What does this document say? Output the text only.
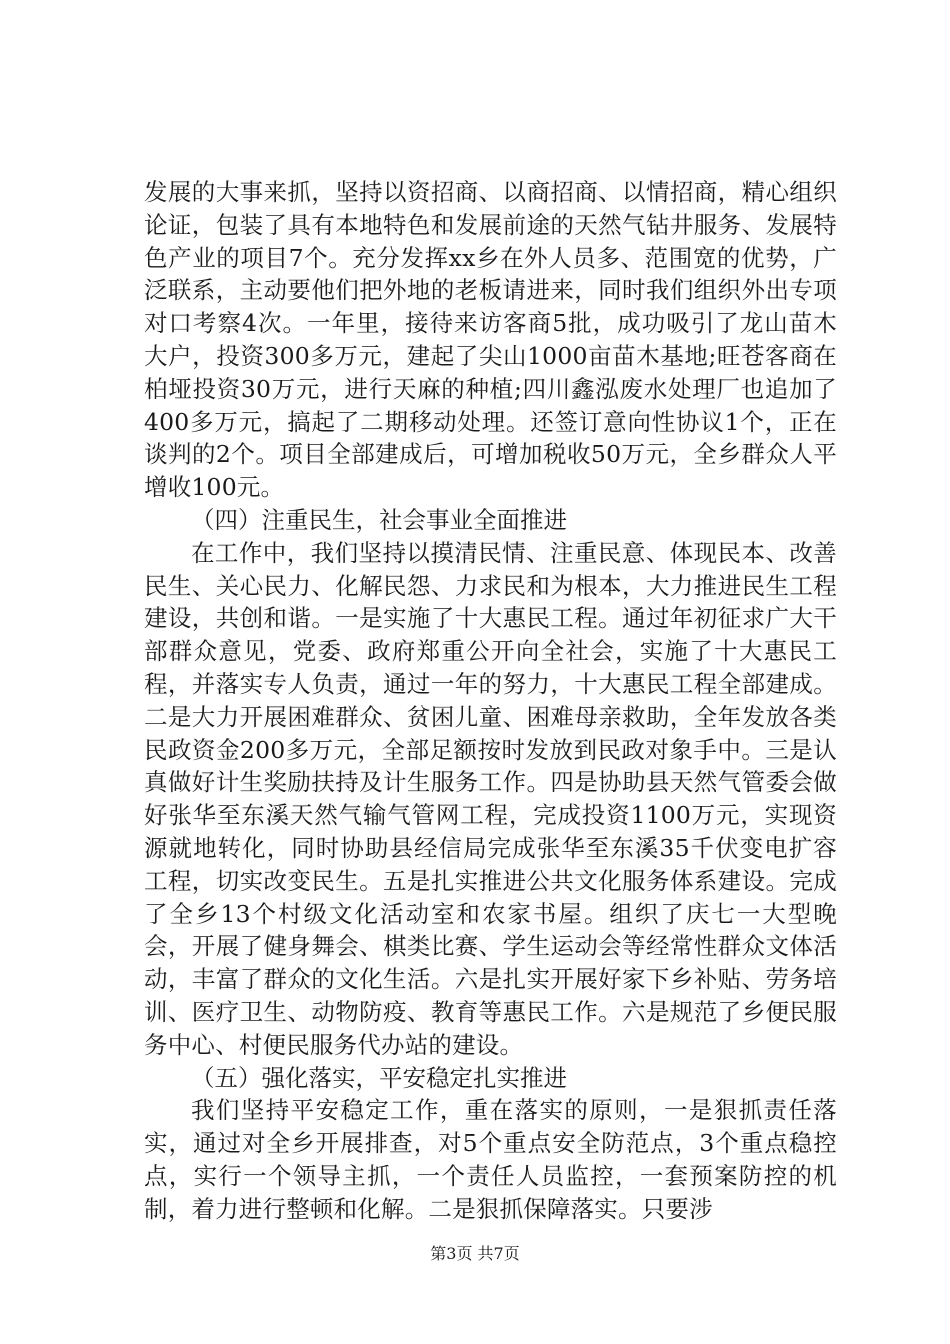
发展的大事来抓，坚持以资招商、以商招商、以情招商，精心组织论证，包装了具有本地特色和发展前途的天然气钻井服务、发展特色产业的项目7个。充分发挥xx乡在外人员多、范围宽的优势，广泛联系，主动要他们把外地的老板请进来，同时我们组织外出专项对口考察4次。一年里，接待来访客商5批，成功吸引了龙山苗木大户，投资300多万元，建起了尖山1000亩苗木基地;旺苍客商在柏垭投资30万元，进行天麻的种植;四川鑫泓废水处理厂也追加了400多万元，搞起了二期移动处理。还签订意向性协议1个，正在谈判的2个。项目全部建成后，可增加税收50万元，全乡群众人平增收100元。

（四）注重民生，社会事业全面推进

在工作中，我们坚持以摸清民情、注重民意、体现民本、改善民生、关心民力、化解民怨、力求民和为根本，大力推进民生工程建设，共创和谐。一是实施了十大惠民工程。通过年初征求广大干部群众意见，党委、政府郑重公开向全社会，实施了十大惠民工程，并落实专人负责，通过一年的努力，十大惠民工程全部建成。二是大力开展困难群众、贫困儿童、困难母亲救助，全年发放各类民政资金200多万元，全部足额按时发放到民政对象手中。三是认真做好计生奖励扶持及计生服务工作。四是协助县天然气管委会做好张华至东溪天然气输气管网工程，完成投资1100万元，实现资源就地转化，同时协助县经信局完成张华至东溪35千伏变电扩容工程，切实改变民生。五是扎实推进公共文化服务体系建设。完成了全乡13个村级文化活动室和农家书屋。组织了庆七一大型晚会，开展了健身舞会、棋类比赛、学生运动会等经常性群众文体活动，丰富了群众的文化生活。六是扎实开展好家下乡补贴、劳务培训、医疗卫生、动物防疫、教育等惠民工作。六是规范了乡便民服务中心、村便民服务代办站的建设。

（五）强化落实，平安稳定扎实推进

我们坚持平安稳定工作，重在落实的原则，一是狠抓责任落实，通过对全乡开展排查，对5个重点安全防范点，3个重点稳控点，实行一个领导主抓，一个责任人员监控，一套预案防控的机制，着力进行整顿和化解。二是狠抓保障落实。只要涉

第3页 共7页
